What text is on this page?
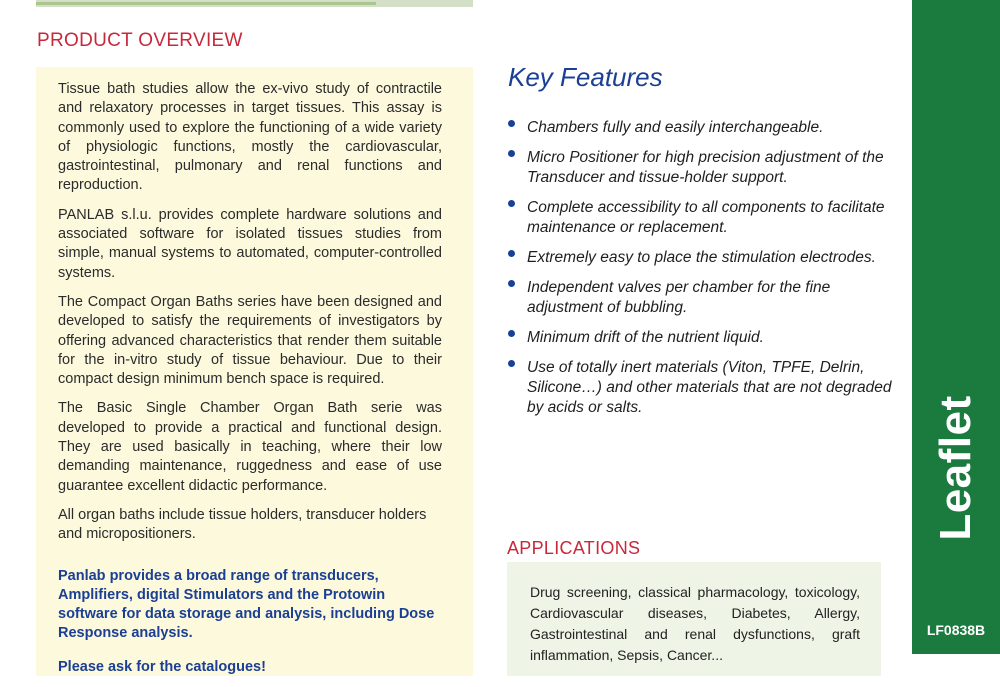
PRODUCT OVERVIEW

Tissue bath studies allow the ex-vivo study of contractile and relaxatory processes in target tissues. This assay is commonly used to explore the functioning of a wide variety of physiologic functions, mostly the cardiovascular, gastrointestinal, pulmonary and renal functions and reproduction.

PANLAB s.l.u. provides complete hardware solutions and associated software for isolated tissues studies from simple, manual systems to automated, computer-controlled systems.

The Compact Organ Baths series have been designed and developed to satisfy the requirements of investigators by offering advanced characteristics that render them suitable for the in-vitro study of tissue behaviour. Due to their compact design minimum bench space is required.

The Basic Single Chamber Organ Bath serie was developed to provide a practical and functional design. They are used basically in teaching, where their low demanding maintenance, ruggedness and ease of use guarantee excellent didactic performance.

All organ baths include tissue holders, transducer holders and micropositioners.

Panlab provides a broad range of transducers, Amplifiers, digital Stimulators and the Protowin software for data storage and analysis, including Dose Response analysis.

Please ask for the catalogues!

Key Features
Chambers fully and easily interchangeable.
Micro Positioner for high precision adjustment of the Transducer and tissue-holder support.
Complete accessibility to all components to facilitate maintenance or replacement.
Extremely easy to place the stimulation electrodes.
Independent valves per chamber for the fine adjustment of bubbling.
Minimum drift of the nutrient liquid.
Use of totally inert materials (Viton, TPFE, Delrin, Silicone…) and other materials that are not degraded by acids or salts.
APPLICATIONS
Drug screening, classical pharmacology, toxicology, Cardiovascular diseases, Diabetes, Allergy, Gastrointestinal and renal dysfunctions, graft inflammation, Sepsis, Cancer...
Leaflet
LF0838B
